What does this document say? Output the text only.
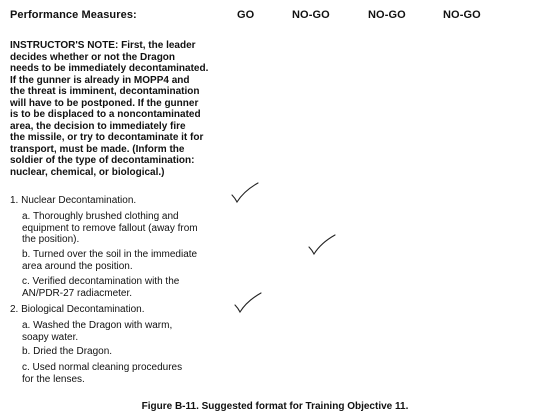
Performance Measures:	GO	NO-GO	NO-GO	NO-GO
INSTRUCTOR'S NOTE: First, the leader
decides whether or not the Dragon
needs to be immediately decontaminated.
If the gunner is already in MOPP4 and
the threat is imminent, decontamination
will have to be postponed. If the gunner
is to be displaced to a noncontaminated
area, the decision to immediately fire
the missile, or try to decontaminate it for
transport, must be made. (Inform the
soldier of the type of decontamination:
nuclear, chemical, or biological.)
1. Nuclear Decontamination.
a. Thoroughly brushed clothing and
equipment to remove fallout (away from
the position).
b. Turned over the soil in the immediate
area around the position.
c. Verified decontamination with the
AN/PDR-27 radiacmeter.
2. Biological Decontamination.
a. Washed the Dragon with warm,
soapy water.
b. Dried the Dragon.
c. Used normal cleaning procedures
for the lenses.
Figure B-11. Suggested format for Training Objective 11.
